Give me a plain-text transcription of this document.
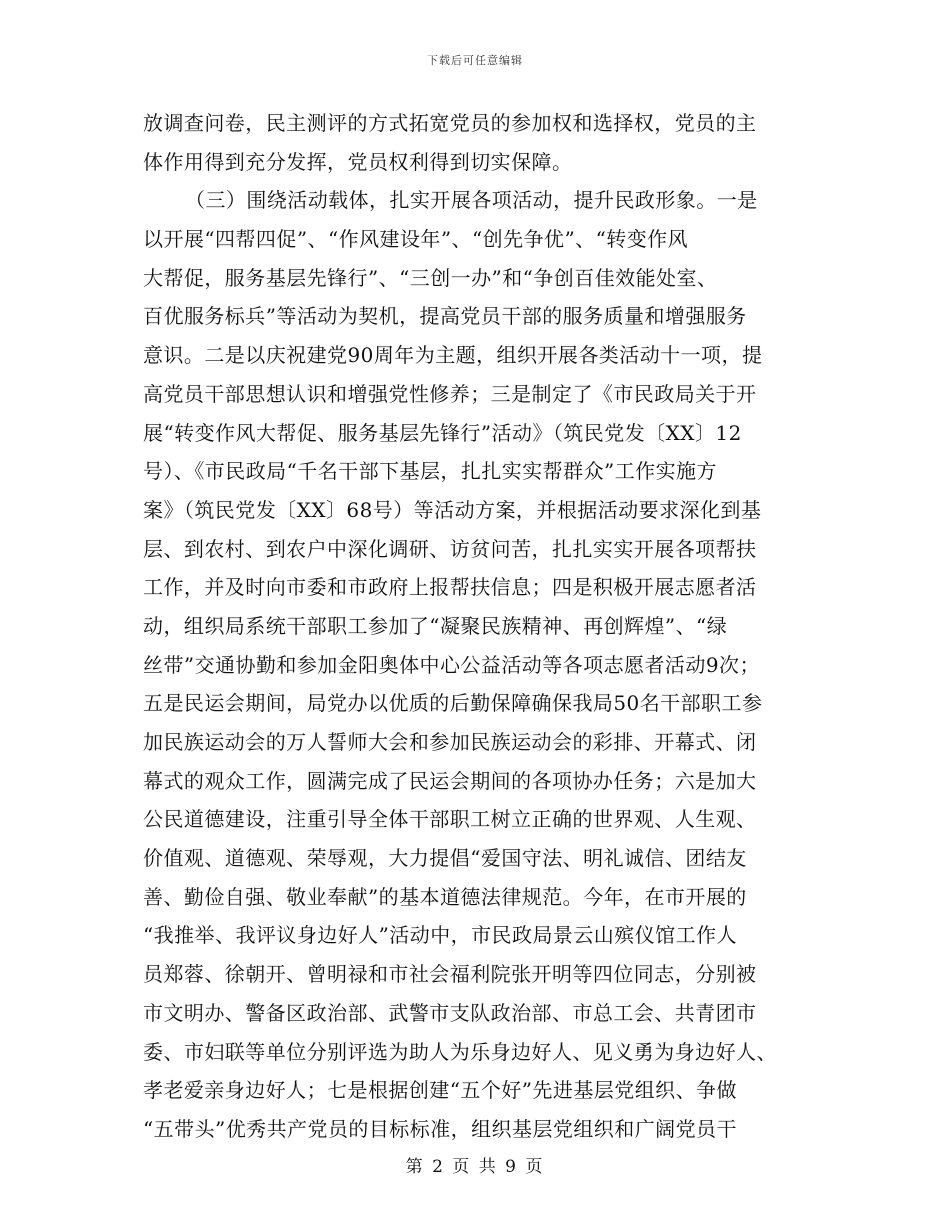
下载后可任意编辑
放调查问卷，民主测评的方式拓宽党员的参加权和选择权，党员的主
体作用得到充分发挥，党员权利得到切实保障。
（三）围绕活动载体，扎实开展各项活动，提升民政形象。一是
以开展“四帮四促”、“作风建设年”、“创先争优”、“转变作风
大帮促，服务基层先锋行”、“三创一办”和“争创百佳效能处室、
百优服务标兵”等活动为契机，提高党员干部的服务质量和增强服务
意识。二是以庆祝建党90周年为主题，组织开展各类活动十一项，提
高党员干部思想认识和增强党性修养；三是制定了《市民政局关于开
展“转变作风大帮促、服务基层先锋行”活动》（筑民党发〔XX〕12
号）、《市民政局“千名干部下基层，扎扎实实帮群众”工作实施方
案》（筑民党发〔XX〕68号）等活动方案，并根据活动要求深化到基
层、到农村、到农户中深化调研、访贫问苦，扎扎实实开展各项帮扶
工作，并及时向市委和市政府上报帮扶信息；四是积极开展志愿者活
动，组织局系统干部职工参加了“凝聚民族精神、再创辉煌”、“绿
丝带”交通协勤和参加金阳奥体中心公益活动等各项志愿者活动9次；
五是民运会期间，局党办以优质的后勤保障确保我局50名干部职工参
加民族运动会的万人誓师大会和参加民族运动会的彩排、开幕式、闭
幕式的观众工作，圆满完成了民运会期间的各项协办任务；六是加大
公民道德建设，注重引导全体干部职工树立正确的世界观、人生观、
价值观、道德观、荣辱观，大力提倡“爱国守法、明礼诚信、团结友
善、勤俭自强、敬业奉献”的基本道德法律规范。今年，在市开展的
“我推举、我评议身边好人”活动中，市民政局景云山殡仪馆工作人
员郑蓉、徐朝开、曾明禄和市社会福利院张开明等四位同志，分别被
市文明办、警备区政治部、武警市支队政治部、市总工会、共青团市
委、市妇联等单位分别评选为助人为乐身边好人、见义勇为身边好人、
孝老爱亲身边好人；七是根据创建“五个好”先进基层党组织、争做
“五带头”优秀共产党员的目标标准，组织基层党组织和广阔党员干
第 2 页 共 9 页
